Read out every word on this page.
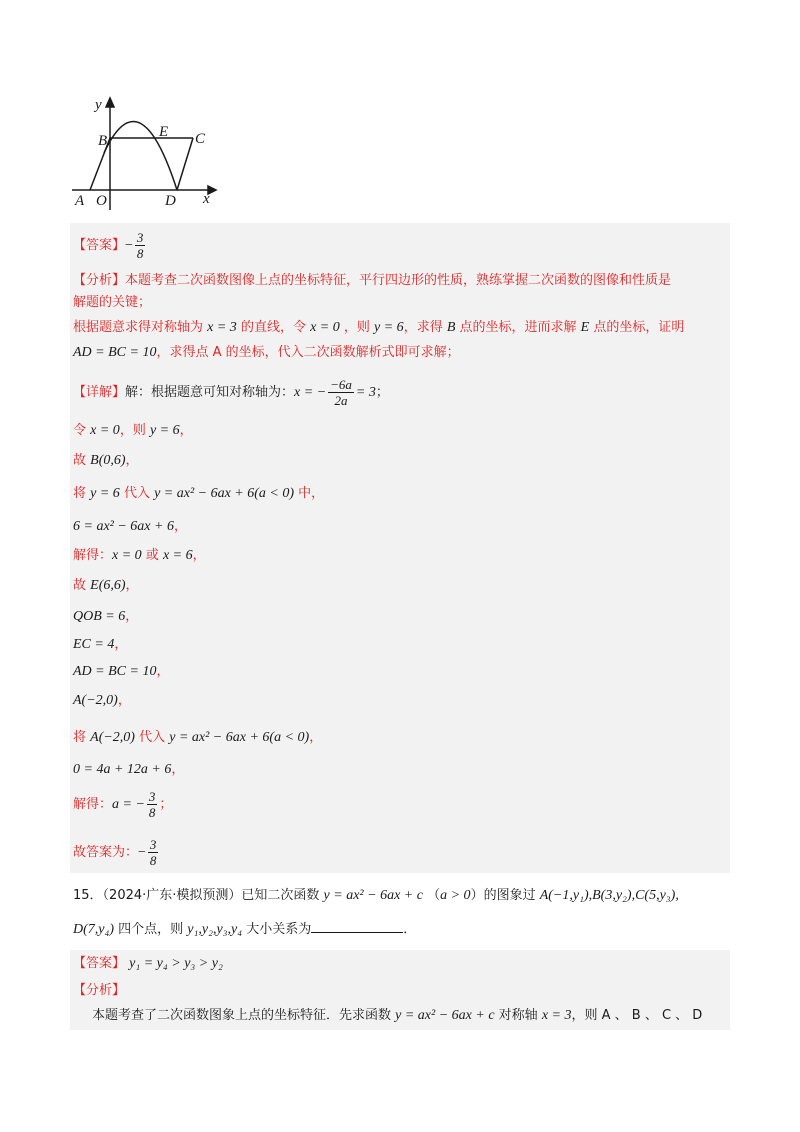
y
x
B
E C
A O	D
【答案】− $\frac{3}{8}$
【分析】本题考查二次函数图像上点的坐标特征，平行四边形的性质，熟练掌握二次函数的图像和性质是
解题的关键；
根据题意求得对称轴为 x = 3 的直线，令 x = 0 ，则 y = 6，求得 B 点的坐标，进而求解 E 点的坐标，证明
AD = BC = 10，求得点 A 的坐标，代入二次函数解析式即可求解；
【详解】解：根据题意可知对称轴为：x = − $\frac{-6a}{2a} = 3$；
令 x = 0，则 y = 6，
故 B(0,6)，
将 y = 6 代入 y = ax² − 6ax + 6(a < 0) 中，
6 = ax² − 6ax + 6，
解得：x = 0 或 x = 6，
故 E(6,6)，
QOB = 6，
EC = 4，
AD = BC = 10，
A(−2,0)，
将 A(−2,0) 代入 y = ax² − 6ax + 6(a < 0)，
0 = 4a + 12a + 6，
解得：a = − $\frac{3}{8}$ ；
故答案为：− $\frac{3}{8}$
15．（2024·广东·模拟预测）已知二次函数 y = ax² − 6ax + c （a > 0）的图象过 A(−1,y₁),B(3,y₂),C(5,y₃),
D(7,y₄) 四个点，则 y₁,y₂,y₃,y₄ 大小关系为	．
【答案】 y₁ = y₄ > y₃ > y₂
【分析】
本题考查了二次函数图象上点的坐标特征．先求函数 y = ax² − 6ax + c 对称轴 x = 3，则 A 、 B 、 C 、 D
